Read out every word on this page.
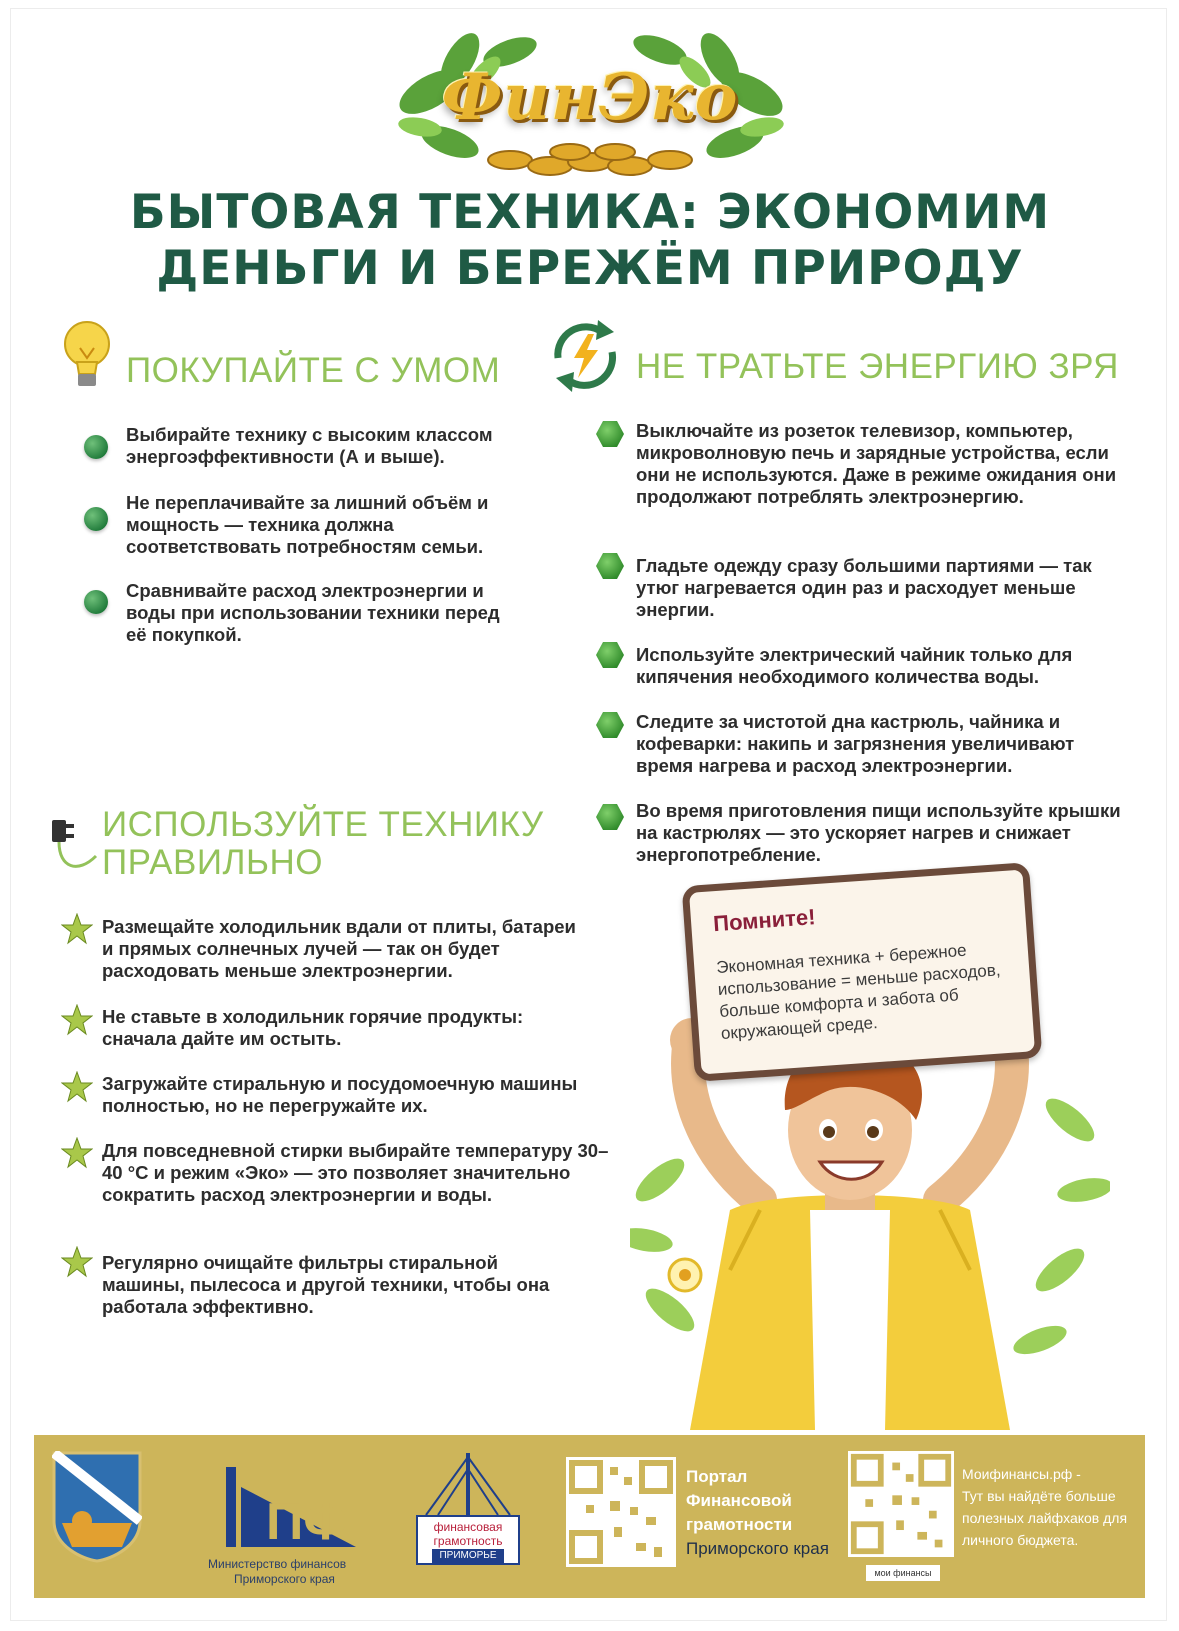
ФинЭко
БЫТОВАЯ ТЕХНИКА: ЭКОНОМИМ
ДЕНЬГИ И БЕРЕЖЁМ ПРИРОДУ
ПОКУПАЙТЕ С УМОМ
Выбирайте технику с высоким классом энергоэффективности (А и выше).
Не переплачивайте за лишний объём и мощность — техника должна соответствовать потребностям семьи.
Сравнивайте расход электроэнергии и воды при использовании техники перед её покупкой.
НЕ ТРАТЬТЕ ЭНЕРГИЮ ЗРЯ
Выключайте из розеток телевизор, компьютер, микроволновую печь и зарядные устройства, если они не используются. Даже в режиме ожидания они продолжают потреблять электроэнергию.
Гладьте одежду сразу большими партиями — так утюг нагревается один раз и расходует меньше энергии.
Используйте электрический чайник только для кипячения необходимого количества воды.
Следите за чистотой дна кастрюль, чайника и кофеварки: накипь и загрязнения увеличивают время нагрева и расход электроэнергии.
Во время приготовления пищи используйте крышки на кастрюлях — это ускоряет нагрев и снижает энергопотребление.
ИСПОЛЬЗУЙТЕ ТЕХНИКУ
ПРАВИЛЬНО
Размещайте холодильник вдали от плиты, батареи и прямых солнечных лучей — так он будет расходовать меньше электроэнергии.
Не ставьте в холодильник горячие продукты: сначала дайте им остыть.
Загружайте стиральную и посудомоечную машины полностью, но не перегружайте их.
Для повседневной стирки выбирайте температуру 30–40 °С и режим «Эко» — это позволяет значительно сократить расход электроэнергии и воды.
Регулярно очищайте фильтры стиральной машины, пылесоса и другой техники, чтобы она работала эффективно.
Помните!
Экономная техника + бережное использование = меньше расходов, больше комфорта и забота об окружающей среде.
ПФ
Министерство финансов
Приморского края
финансовая
грамотность
ПРИМОРЬЕ
Портал
Финансовой
грамотности
Приморского края
мои финансы
Моифинансы.рф -
Тут вы найдёте больше
полезных лайфхаков для
личного бюджета.
